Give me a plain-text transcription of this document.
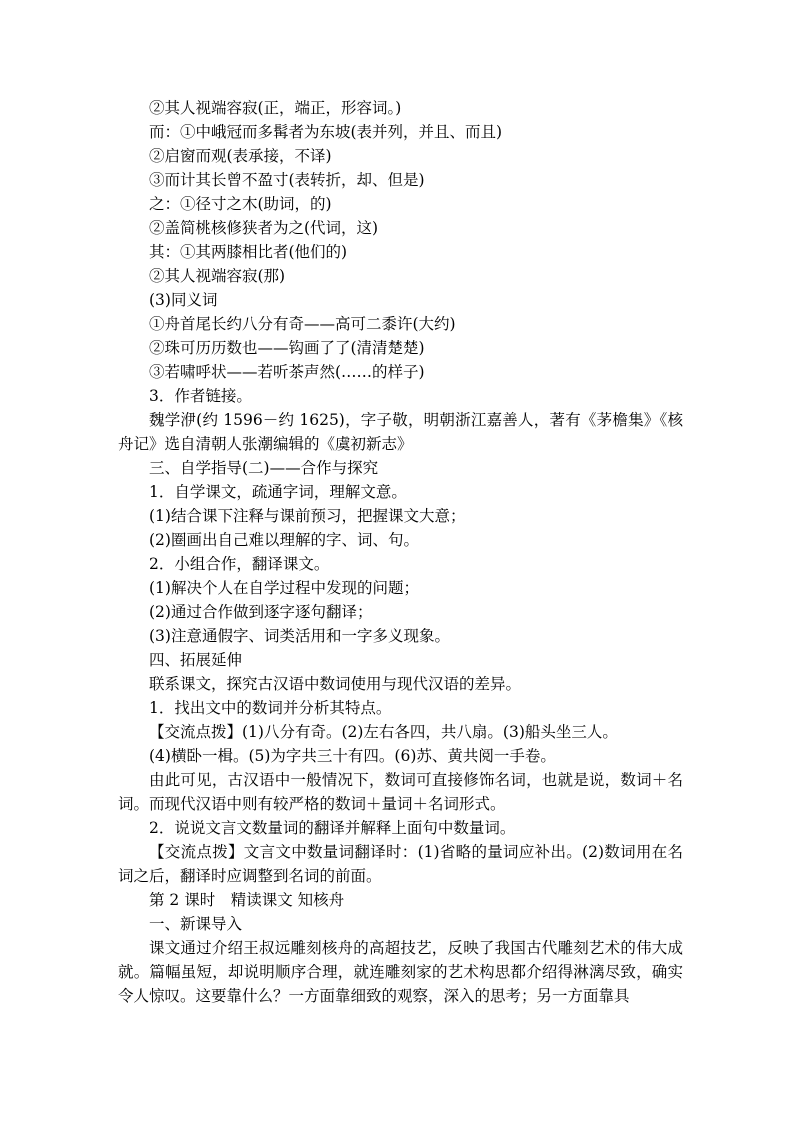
②其人视端容寂(正，端正，形容词。)
而：①中峨冠而多髯者为东坡(表并列，并且、而且)
②启窗而观(表承接，不译)
③而计其长曾不盈寸(表转折，却、但是)
之：①径寸之木(助词，的)
②盖简桃核修狭者为之(代词，这)
其：①其两膝相比者(他们的)
②其人视端容寂(那)
(3)同义词
①舟首尾长约八分有奇——高可二黍许(大约)
②珠可历历数也——钩画了了(清清楚楚)
③若啸呼状——若听茶声然(……的样子)
3．作者链接。
魏学洢(约 1596－约 1625)，字子敬，明朝浙江嘉善人，著有《茅檐集》《核舟记》选自清朝人张潮编辑的《虞初新志》
三、自学指导(二)——合作与探究
1．自学课文，疏通字词，理解文意。
(1)结合课下注释与课前预习，把握课文大意；
(2)圈画出自己难以理解的字、词、句。
2．小组合作，翻译课文。
(1)解决个人在自学过程中发现的问题；
(2)通过合作做到逐字逐句翻译；
(3)注意通假字、词类活用和一字多义现象。
四、拓展延伸
联系课文，探究古汉语中数词使用与现代汉语的差异。
1．找出文中的数词并分析其特点。
【交流点拨】(1)八分有奇。(2)左右各四，共八扇。(3)船头坐三人。
(4)横卧一楫。(5)为字共三十有四。(6)苏、黄共阅一手卷。
由此可见，古汉语中一般情况下，数词可直接修饰名词，也就是说，数词＋名词。而现代汉语中则有较严格的数词＋量词＋名词形式。
2．说说文言文数量词的翻译并解释上面句中数量词。
【交流点拨】文言文中数量词翻译时：(1)省略的量词应补出。(2)数词用在名词之后，翻译时应调整到名词的前面。
第 2 课时　精读课文 知核舟
一、新课导入
课文通过介绍王叔远雕刻核舟的高超技艺，反映了我国古代雕刻艺术的伟大成就。篇幅虽短，却说明顺序合理，就连雕刻家的艺术构思都介绍得淋漓尽致，确实令人惊叹。这要靠什么？一方面靠细致的观察，深入的思考；另一方面靠具
